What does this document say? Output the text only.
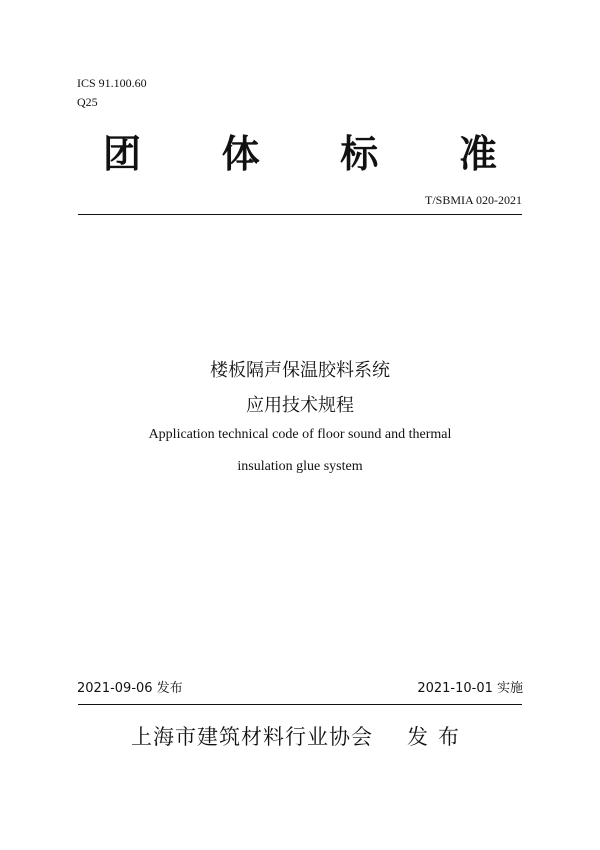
ICS 91.100.60
Q25
团 体 标 准
T/SBMIA 020-2021
楼板隔声保温胶料系统
应用技术规程
Application technical code of floor sound and thermal
insulation glue system
2021-09-06 发布	2021-10-01 实施
上海市建筑材料行业协会 发布
